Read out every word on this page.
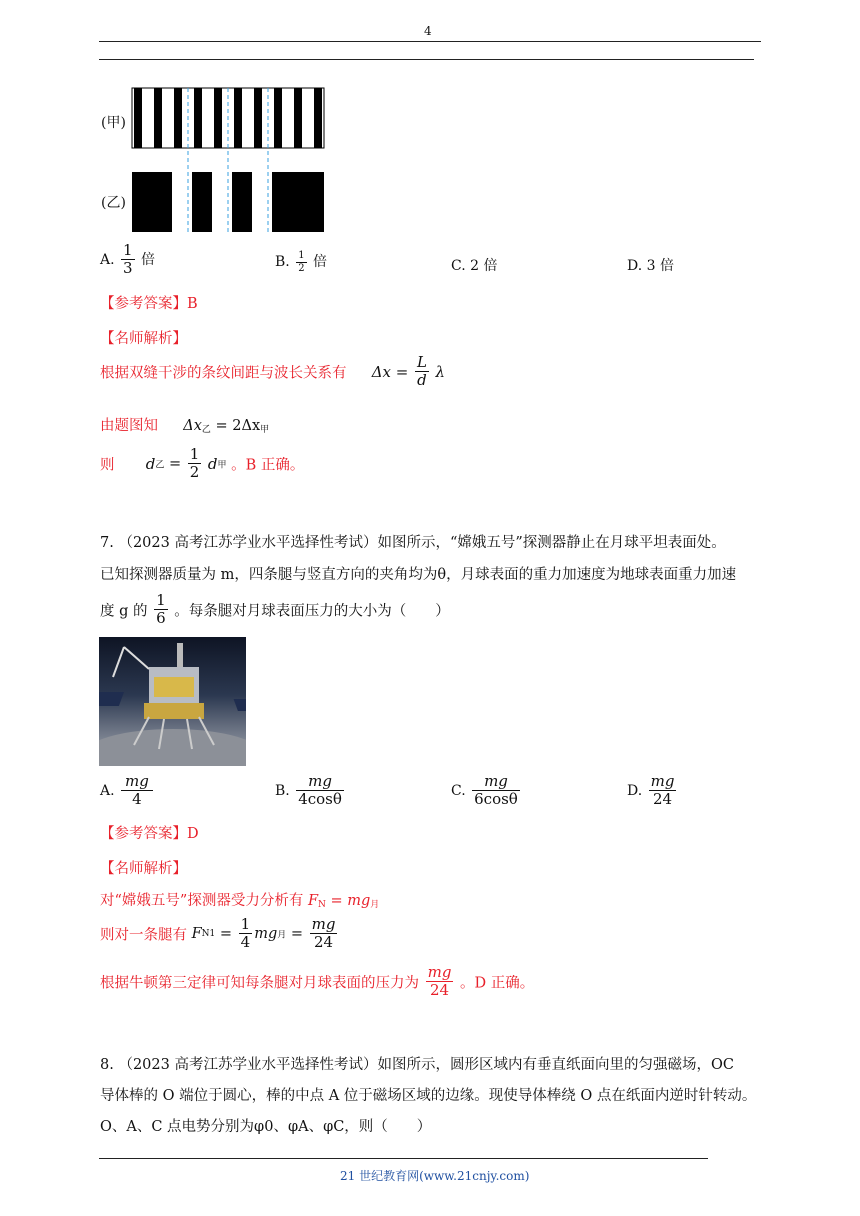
4
(甲)
(乙)
A. $\frac{1}{3}$ 倍	B. $\frac{1}{2}$ 倍	C. 2 倍	D. 3 倍
【参考答案】B
【名师解析】
根据双缝干涉的条纹间距与波长关系有 $\Delta x = \frac{L}{d}$ λ
由题图知 $\Delta x_乙 = 2\Delta x_甲$
则 d乙 = $\frac{1}{2}$ d甲 。B 正确。
7. （2023 高考江苏学业水平选择性考试）如图所示，“嫦娥五号”探测器静止在月球平坦表面处。
已知探测器质量为 m，四条腿与竖直方向的夹角均为θ，月球表面的重力加速度为地球表面重力加速
度 g 的 $\frac{1}{6}$ 。每条腿对月球表面压力的大小为（　　）
A. $\frac{mg}{4}$	B. $\frac{mg}{4\cos\theta}$	C. $\frac{mg}{6\cos\theta}$	D. $\frac{mg}{24}$
【参考答案】D
【名师解析】
对“嫦娥五号”探测器受力分析有 $F_N = mg_月$
则对一条腿有 $FN1 = \frac{1}{4}$ mg月 = $\frac{mg}{24}$
根据牛顿第三定律可知每条腿对月球表面的压力为 $\frac{mg}{24}$ 。D 正确。
8. （2023 高考江苏学业水平选择性考试）如图所示，圆形区域内有垂直纸面向里的匀强磁场，OC
导体棒的 O 端位于圆心，棒的中点 A 位于磁场区域的边缘。现使导体棒绕 O 点在纸面内逆时针转动。
O、A、C 点电势分别为φ0、φA、φC，则（　　）
21 世纪教育网(www.21cnjy.com)
